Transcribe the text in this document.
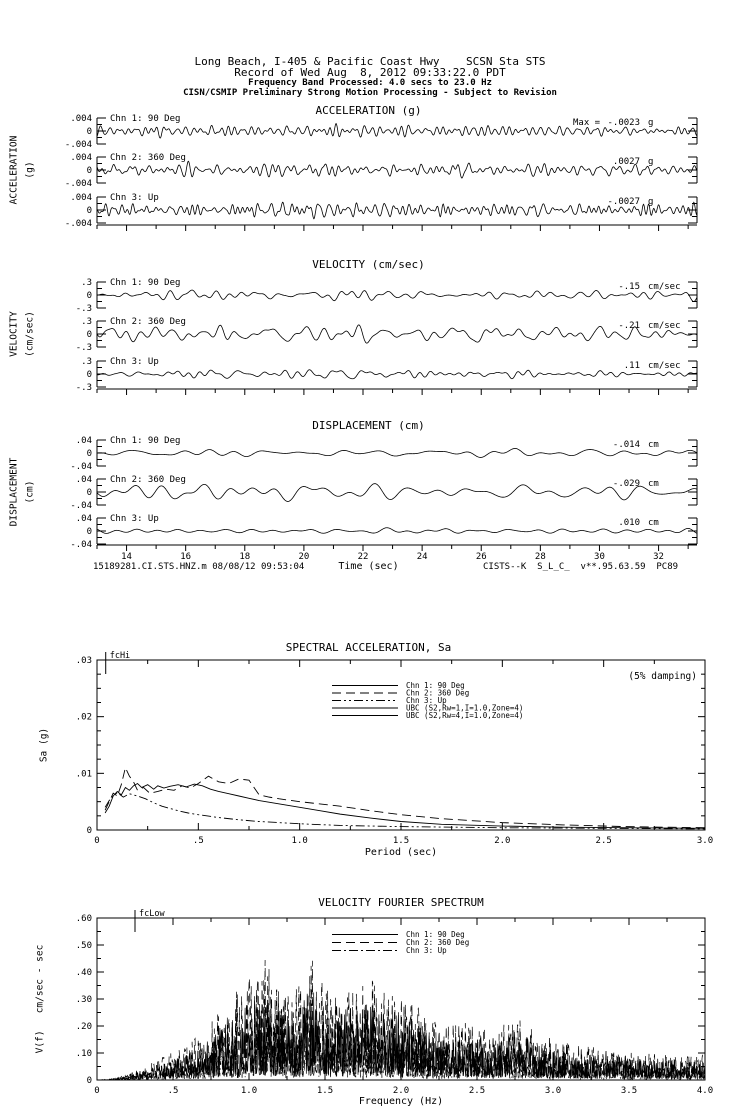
Long Beach, I-405 & Pacific Coast Hwy    SCSN Sta STS
Record of Wed Aug  8, 2012 09:33:22.0 PDT
Frequency Band Processed: 4.0 secs to 23.0 Hz
CISN/CSMIP Preliminary Strong Motion Processing - Subject to Revision
ACCELERATION (g)
VELOCITY (cm/sec)
DISPLACEMENT (cm)
ACCELERATION (g)
VELOCITY (cm/sec)
DISPLACEMENT (cm)
Time (sec)
15189281.CI.STS.HNZ.m 08/08/12 09:53:04	CISTS--K  S_L_C_  v**.95.63.59  PC89
SPECTRAL ACCELERATION, Sa
(5% damping)
Sa (g)
Period (sec)
VELOCITY FOURIER SPECTRUM
V(f)   cm/sec - sec
Frequency (Hz)
.004
0
-.004
Chn 1: 90 Deg	Max = -.0023 g
.004
0
-.004
Chn 2: 360 Deg	.0027 g
.004
0
-.004
Chn 3: Up	-.0027 g
.3
0
-.3
Chn 1: 90 Deg	-.15 cm/sec
.3
0
-.3
Chn 2: 360 Deg	-.21 cm/sec
.3
0
-.3
Chn 3: Up	.11 cm/sec
14	16	18	20	22	24	26	28	30	32
.04
0
-.04
Chn 1: 90 Deg	-.014 cm
.04
0
-.04
Chn 2: 360 Deg	-.029 cm
.04
0
-.04
Chn 3: Up	.010 cm
0	.5	1.0	1.5	2.0	2.5	3.0
.03
.02
.01
0
fcHi
Chn 1: 90 Deg
Chn 2: 360 Deg
Chn 3: Up
UBC (S2,Rw=1,I=1.0,Zone=4)
UBC (S2,Rw=4,I=1.0,Zone=4)
0	.5	1.0	1.5	2.0	2.5	3.0	3.5	4.0
.60
.50
.40
.30
.20
.10
0
fcLow
Chn 1: 90 Deg
Chn 2: 360 Deg
Chn 3: Up
